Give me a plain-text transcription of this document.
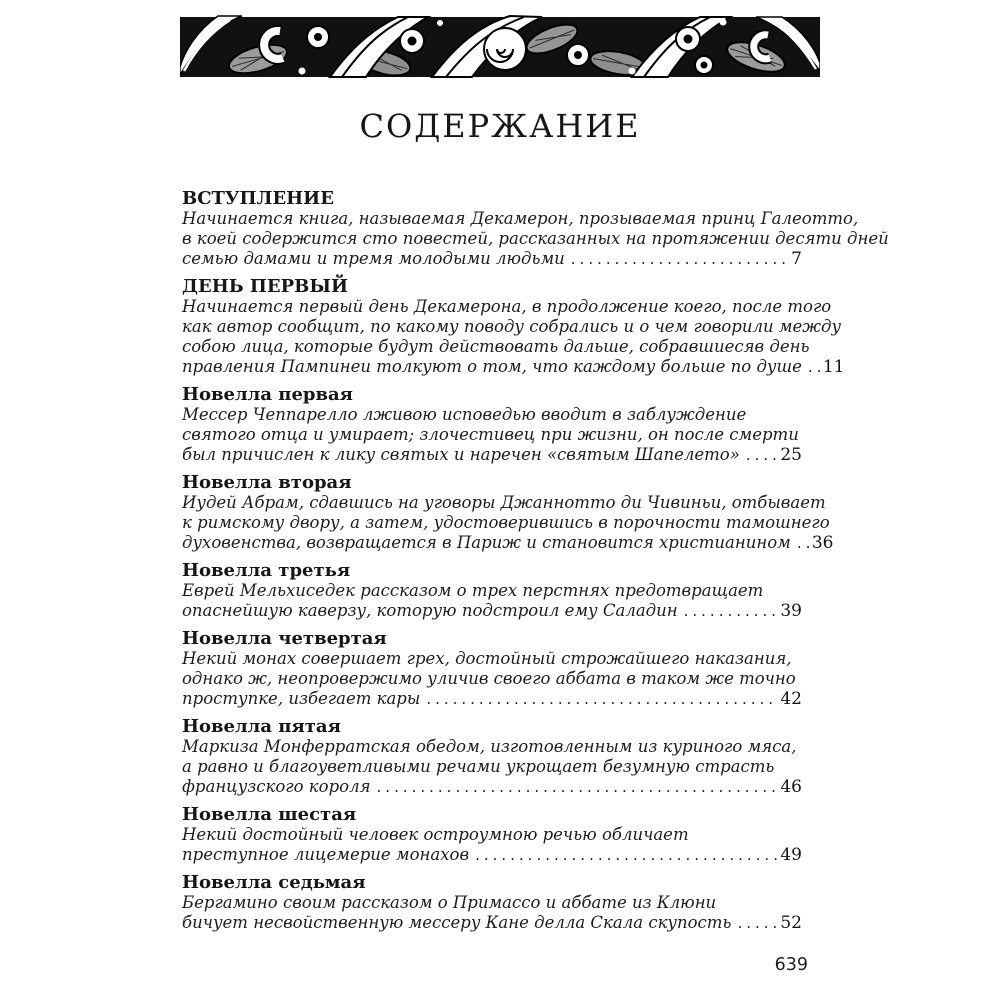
СОДЕРЖАНИЕ
ВСТУПЛЕНИЕ
Начинается книга, называемая Декамерон, прозываемая принц Галеотто,
в коей содержится сто повестей, рассказанных на протяжении десяти дней
семью дамами и тремя молодыми людьми .....	7
ДЕНЬ ПЕРВЫЙ
Начинается первый день Декамерона, в продолжение коего, после того
как автор сообщит, по какому поводу собрались и о чем говорили между
собою лица, которые будут действовать дальше, собравшиесяв день
правления Пампинеи толкуют о том, что каждому больше по душе ..... 11
Новелла первая
Мессер Чеппарелло лживою исповедью вводит в заблуждение
святого отца и умирает; злочестивец при жизни, он после смерти
был причислен к лику святых и наречен «святым Шапелето» ..... 25
Новелла вторая
Иудей Абрам, сдавшись на уговоры Джаннотто ди Чивиньи, отбывает
к римскому двору, а затем, удостоверившись в порочности тамошнего
духовенства, возвращается в Париж и становится христианином ..... 36
Новелла третья
Еврей Мельхиседек рассказом о трех перстнях предотвращает
опаснейшую каверзу, которую подстроил ему Саладин .....	39
Новелла четвертая
Некий монах совершает грех, достойный строжайшего наказания,
однако ж, неопровержимо уличив своего аббата в таком же точно
проступке, избегает кары .....	42
Новелла пятая
Маркиза Монферратская обедом, изготовленным из куриного мяса,
а равно и благоуветливыми речами укрощает безумную страсть
французского короля .....	46
Новелла шестая
Некий достойный человек остроумною речью обличает
преступное лицемерие монахов .....	49
Новелла седьмая
Бергамино своим рассказом о Примассо и аббате из Клюни
бичует несвойственную мессеру Кане делла Скала скупость .....	52
639
